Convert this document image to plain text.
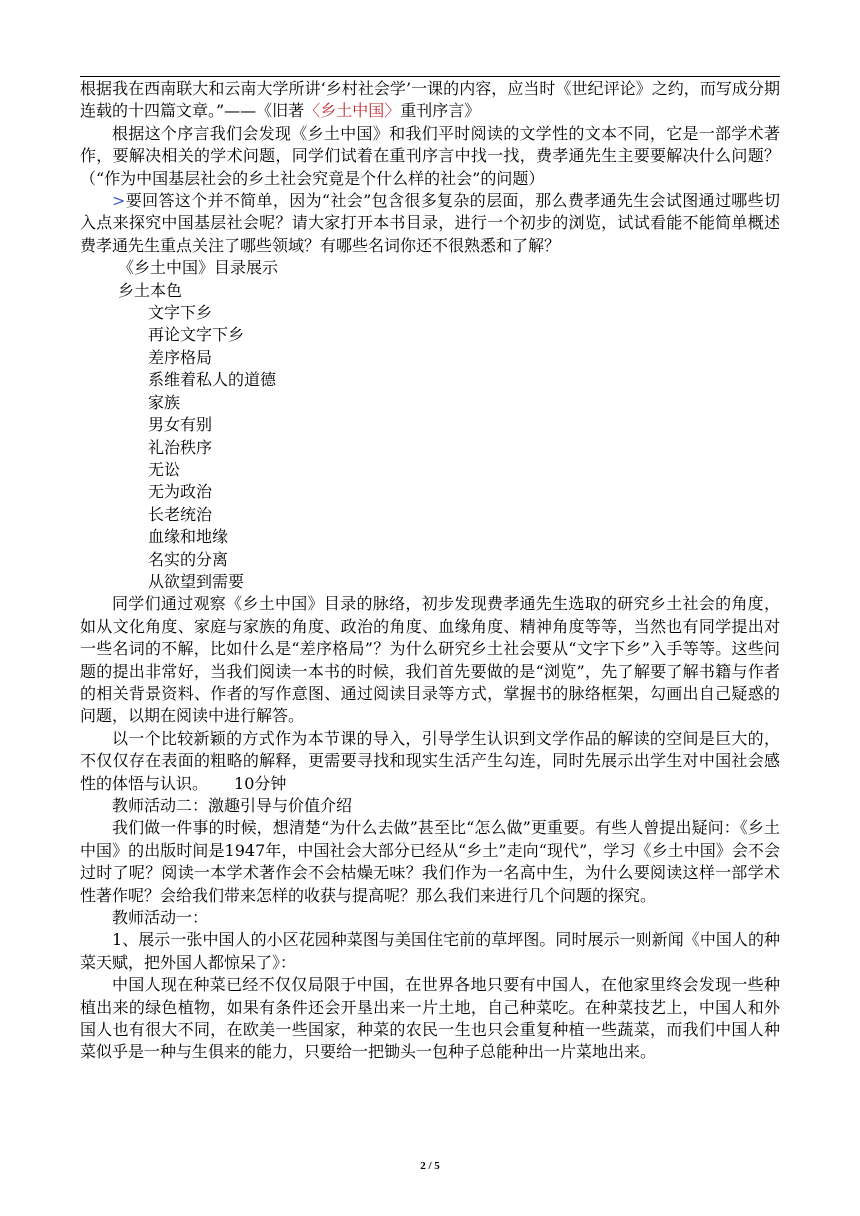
根据我在西南联大和云南大学所讲‘乡村社会学’一课的内容，应当时《世纪评论》之约，而写成分期连载的十四篇文章。”——《旧著〈乡土中国〉重刊序言》

根据这个序言我们会发现《乡土中国》和我们平时阅读的文学性的文本不同，它是一部学术著作，要解决相关的学术问题，同学们试着在重刊序言中找一找，费孝通先生主要要解决什么问题？（“作为中国基层社会的乡土社会究竟是个什么样的社会”的问题）

>要回答这个并不简单，因为“社会”包含很多复杂的层面，那么费孝通先生会试图通过哪些切入点来探究中国基层社会呢？请大家打开本书目录，进行一个初步的浏览，试试看能不能简单概述费孝通先生重点关注了哪些领域？有哪些名词你还不很熟悉和了解？

《乡土中国》目录展示

乡土本色

文字下乡

再论文字下乡

差序格局

系维着私人的道德

家族

男女有别

礼治秩序

无讼

无为政治

长老统治

血缘和地缘

名实的分离

从欲望到需要

同学们通过观察《乡土中国》目录的脉络，初步发现费孝通先生选取的研究乡土社会的角度，如从文化角度、家庭与家族的角度、政治的角度、血缘角度、精神角度等等，当然也有同学提出对一些名词的不解，比如什么是“差序格局”？为什么研究乡土社会要从“文字下乡”入手等等。这些问题的提出非常好，当我们阅读一本书的时候，我们首先要做的是“浏览”，先了解要了解书籍与作者的相关背景资料、作者的写作意图、通过阅读目录等方式，掌握书的脉络框架，勾画出自己疑惑的问题，以期在阅读中进行解答。

以一个比较新颖的方式作为本节课的导入，引导学生认识到文学作品的解读的空间是巨大的，不仅仅存在表面的粗略的解释，更需要寻找和现实生活产生勾连，同时先展示出学生对中国社会感性的体悟与认识。 10分钟

教师活动二：激趣引导与价值介绍

我们做一件事的时候，想清楚“为什么去做”甚至比“怎么做”更重要。有些人曾提出疑问：《乡土中国》的出版时间是1947年，中国社会大部分已经从“乡土”走向“现代”，学习《乡土中国》会不会过时了呢？阅读一本学术著作会不会枯燥无味？我们作为一名高中生，为什么要阅读这样一部学术性著作呢？会给我们带来怎样的收获与提高呢？那么我们来进行几个问题的探究。

教师活动一：

1、展示一张中国人的小区花园种菜图与美国住宅前的草坪图。同时展示一则新闻《中国人的种菜天赋，把外国人都惊呆了》：

中国人现在种菜已经不仅仅局限于中国，在世界各地只要有中国人，在他家里终会发现一些种植出来的绿色植物，如果有条件还会开垦出来一片土地，自己种菜吃。在种菜技艺上，中国人和外国人也有很大不同，在欧美一些国家，种菜的农民一生也只会重复种植一些蔬菜，而我们中国人种菜似乎是一种与生俱来的能力，只要给一把锄头一包种子总能种出一片菜地出来。

2 / 5
